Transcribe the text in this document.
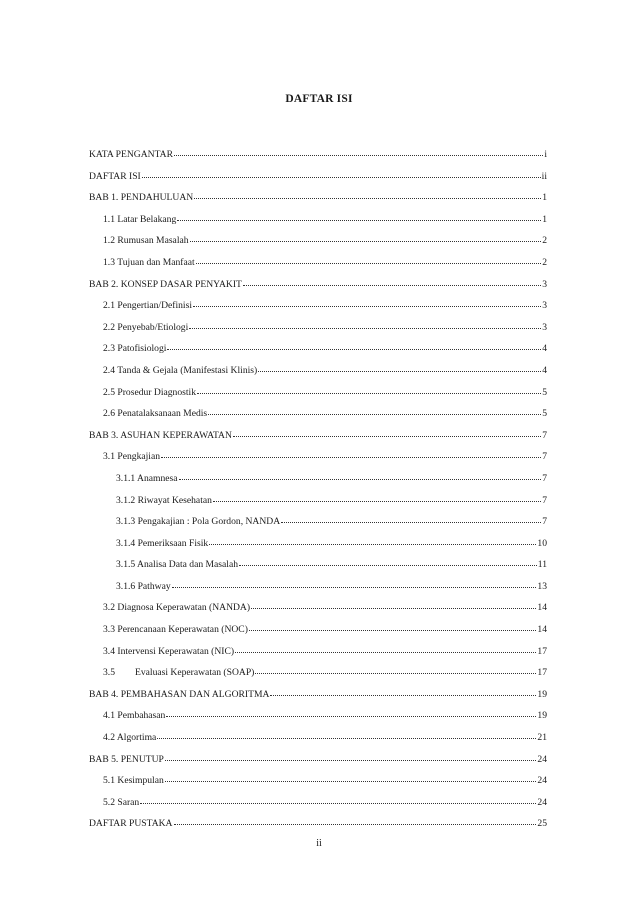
DAFTAR ISI
KATA PENGANTAR	i
DAFTAR ISI	ii
BAB 1. PENDAHULUAN	1
1.1 Latar Belakang	1
1.2 Rumusan Masalah	2
1.3 Tujuan dan Manfaat	2
BAB 2. KONSEP DASAR PENYAKIT	3
2.1 Pengertian/Definisi	3
2.2 Penyebab/Etiologi	3
2.3 Patofisiologi	4
2.4 Tanda & Gejala (Manifestasi Klinis)	4
2.5 Prosedur Diagnostik	5
2.6 Penatalaksanaan Medis	5
BAB 3. ASUHAN KEPERAWATAN	7
3.1 Pengkajian	7
3.1.1 Anamnesa	7
3.1.2 Riwayat Kesehatan	7
3.1.3 Pengakajian : Pola Gordon, NANDA	7
3.1.4 Pemeriksaan Fisik	10
3.1.5 Analisa Data dan Masalah	11
3.1.6 Pathway	13
3.2 Diagnosa Keperawatan (NANDA)	14
3.3 Perencanaan Keperawatan (NOC)	14
3.4 Intervensi Keperawatan (NIC)	17
3.5 Evaluasi Keperawatan (SOAP)	17
BAB 4. PEMBAHASAN DAN ALGORITMA	19
4.1 Pembahasan	19
4.2 Algortima	21
BAB 5. PENUTUP	24
5.1 Kesimpulan	24
5.2 Saran	24
DAFTAR PUSTAKA	25
ii
